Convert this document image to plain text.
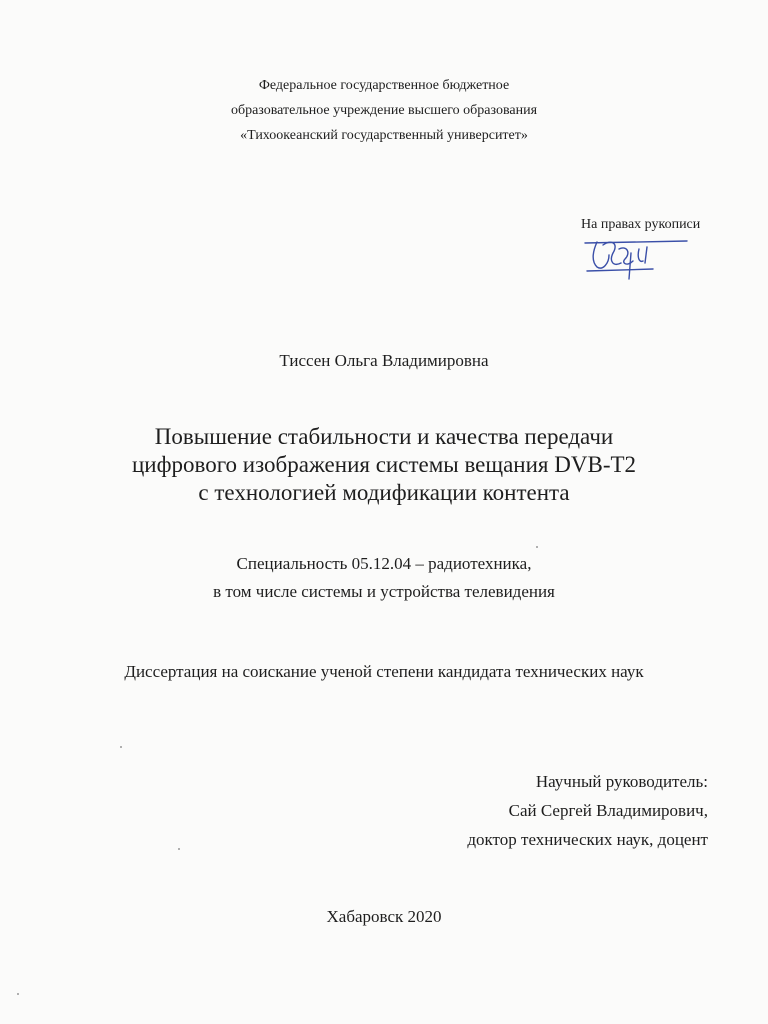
Федеральное государственное бюджетное
образовательное учреждение высшего образования
«Тихоокеанский государственный университет»
На правах рукописи
Тиссен Ольга Владимировна
Повышение стабильности и качества передачи
цифрового изображения системы вещания DVB-T2
с технологией модификации контента
Специальность 05.12.04 – радиотехника,
в том числе системы и устройства телевидения
Диссертация на соискание ученой степени кандидата технических наук
Научный руководитель:
Сай Сергей Владимирович,
доктор технических наук, доцент
Хабаровск 2020
